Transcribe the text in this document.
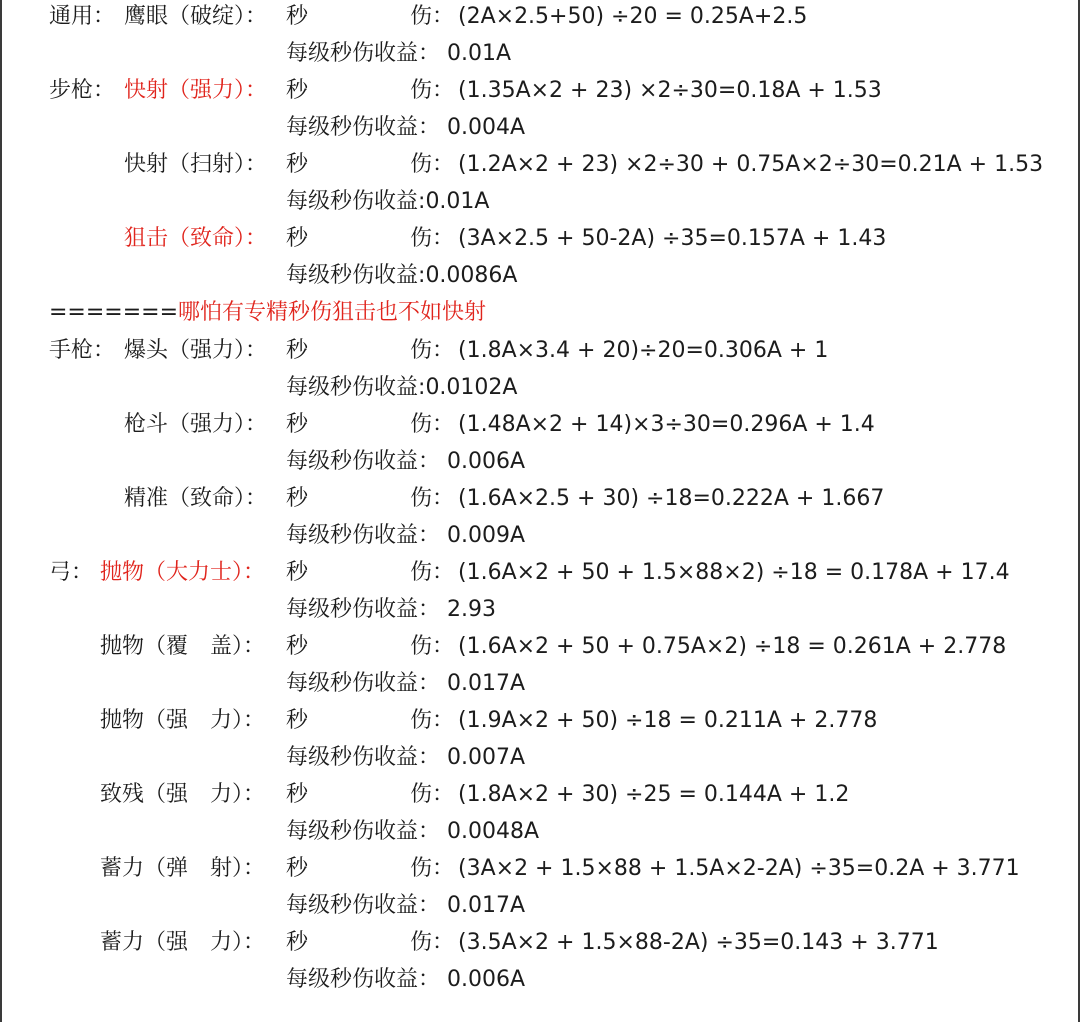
通用： 鹰眼（破绽）： 秒	伤： (2A×2.5+50) ÷20 = 0.25A+2.5
每级秒伤收益： 0.01A
步枪： 快射（强力）： 秒	伤： (1.35A×2 + 23) ×2÷30=0.18A + 1.53
每级秒伤收益： 0.004A
快射（扫射）： 秒	伤： (1.2A×2 + 23) ×2÷30 + 0.75A×2÷30=0.21A + 1.53
每级秒伤收益:0.01A
狙击（致命）： 秒	伤： (3A×2.5 + 50-2A) ÷35=0.157A + 1.43
每级秒伤收益:0.0086A
手枪： 爆头（强力）： 秒	伤： (1.8A×3.4 + 20)÷20=0.306A + 1
每级秒伤收益:0.0102A
枪斗（强力）： 秒	伤： (1.48A×2 + 14)×3÷30=0.296A + 1.4
每级秒伤收益： 0.006A
精准（致命）： 秒	伤： (1.6A×2.5 + 30) ÷18=0.222A + 1.667
每级秒伤收益： 0.009A
弓： 抛物（大力士）： 秒	伤： (1.6A×2 + 50 + 1.5×88×2) ÷18 = 0.178A + 17.4
每级秒伤收益： 2.93
抛物（覆　盖）： 秒	伤： (1.6A×2 + 50 + 0.75A×2) ÷18 = 0.261A + 2.778
每级秒伤收益： 0.017A
抛物（强　力）： 秒	伤： (1.9A×2 + 50) ÷18 = 0.211A + 2.778
每级秒伤收益： 0.007A
致残（强　力）： 秒	伤： (1.8A×2 + 30) ÷25 = 0.144A + 1.2
每级秒伤收益： 0.0048A
蓄力（弹　射）： 秒	伤： (3A×2 + 1.5×88 + 1.5A×2-2A) ÷35=0.2A + 3.771
每级秒伤收益： 0.017A
蓄力（强　力）： 秒	伤： (3.5A×2 + 1.5×88-2A) ÷35=0.143 + 3.771
每级秒伤收益： 0.006A
=======哪怕有专精秒伤狙击也不如快射
